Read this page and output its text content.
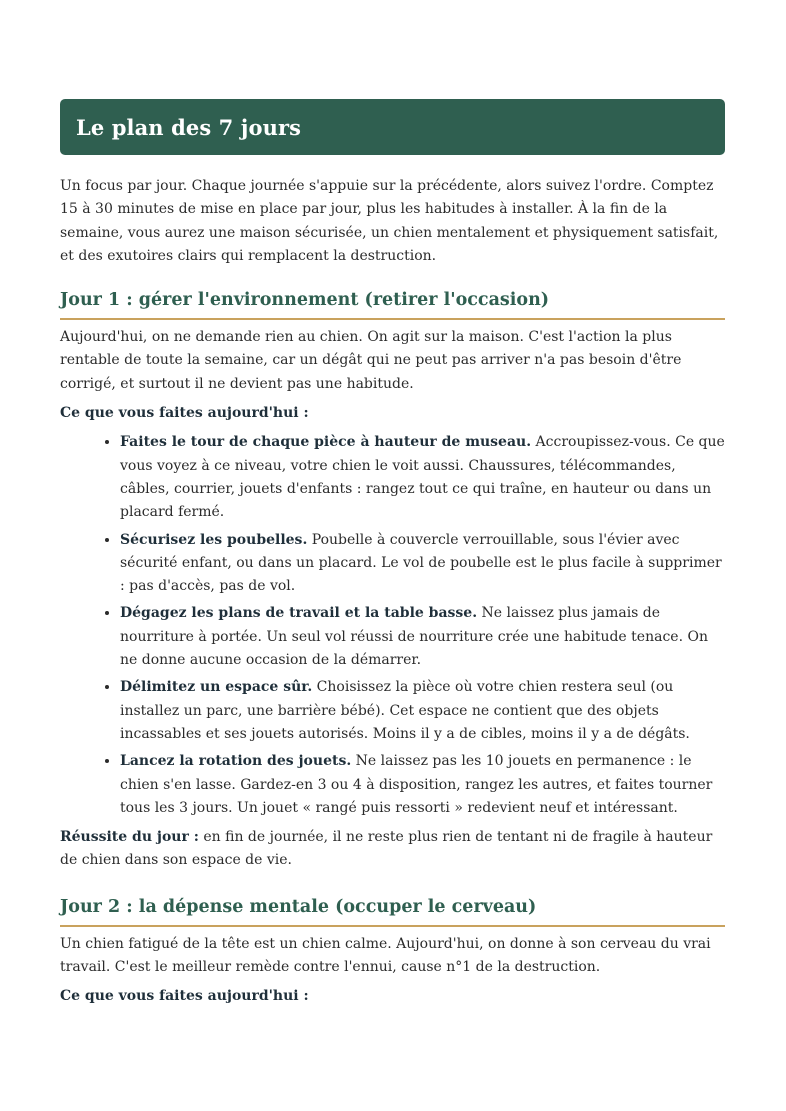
Le plan des 7 jours

Un focus par jour. Chaque journée s'appuie sur la précédente, alors suivez l'ordre. Comptez 15 à 30 minutes de mise en place par jour, plus les habitudes à installer. À la fin de la semaine, vous aurez une maison sécurisée, un chien mentalement et physiquement satisfait, et des exutoires clairs qui remplacent la destruction.

Jour 1 : gérer l'environnement (retirer l'occasion)

Aujourd'hui, on ne demande rien au chien. On agit sur la maison. C'est l'action la plus rentable de toute la semaine, car un dégât qui ne peut pas arriver n'a pas besoin d'être corrigé, et surtout il ne devient pas une habitude.

Ce que vous faites aujourd'hui :

• Faites le tour de chaque pièce à hauteur de museau. Accroupissez-vous. Ce que vous voyez à ce niveau, votre chien le voit aussi. Chaussures, télécommandes, câbles, courrier, jouets d'enfants : rangez tout ce qui traîne, en hauteur ou dans un placard fermé.
• Sécurisez les poubelles. Poubelle à couvercle verrouillable, sous l'évier avec sécurité enfant, ou dans un placard. Le vol de poubelle est le plus facile à supprimer : pas d'accès, pas de vol.
• Dégagez les plans de travail et la table basse. Ne laissez plus jamais de nourriture à portée. Un seul vol réussi de nourriture crée une habitude tenace. On ne donne aucune occasion de la démarrer.
• Délimitez un espace sûr. Choisissez la pièce où votre chien restera seul (ou installez un parc, une barrière bébé). Cet espace ne contient que des objets incassables et ses jouets autorisés. Moins il y a de cibles, moins il y a de dégâts.
• Lancez la rotation des jouets. Ne laissez pas les 10 jouets en permanence : le chien s'en lasse. Gardez-en 3 ou 4 à disposition, rangez les autres, et faites tourner tous les 3 jours. Un jouet « rangé puis ressorti » redevient neuf et intéressant.

Réussite du jour : en fin de journée, il ne reste plus rien de tentant ni de fragile à hauteur de chien dans son espace de vie.

Jour 2 : la dépense mentale (occuper le cerveau)

Un chien fatigué de la tête est un chien calme. Aujourd'hui, on donne à son cerveau du vrai travail. C'est le meilleur remède contre l'ennui, cause n°1 de la destruction.

Ce que vous faites aujourd'hui :
